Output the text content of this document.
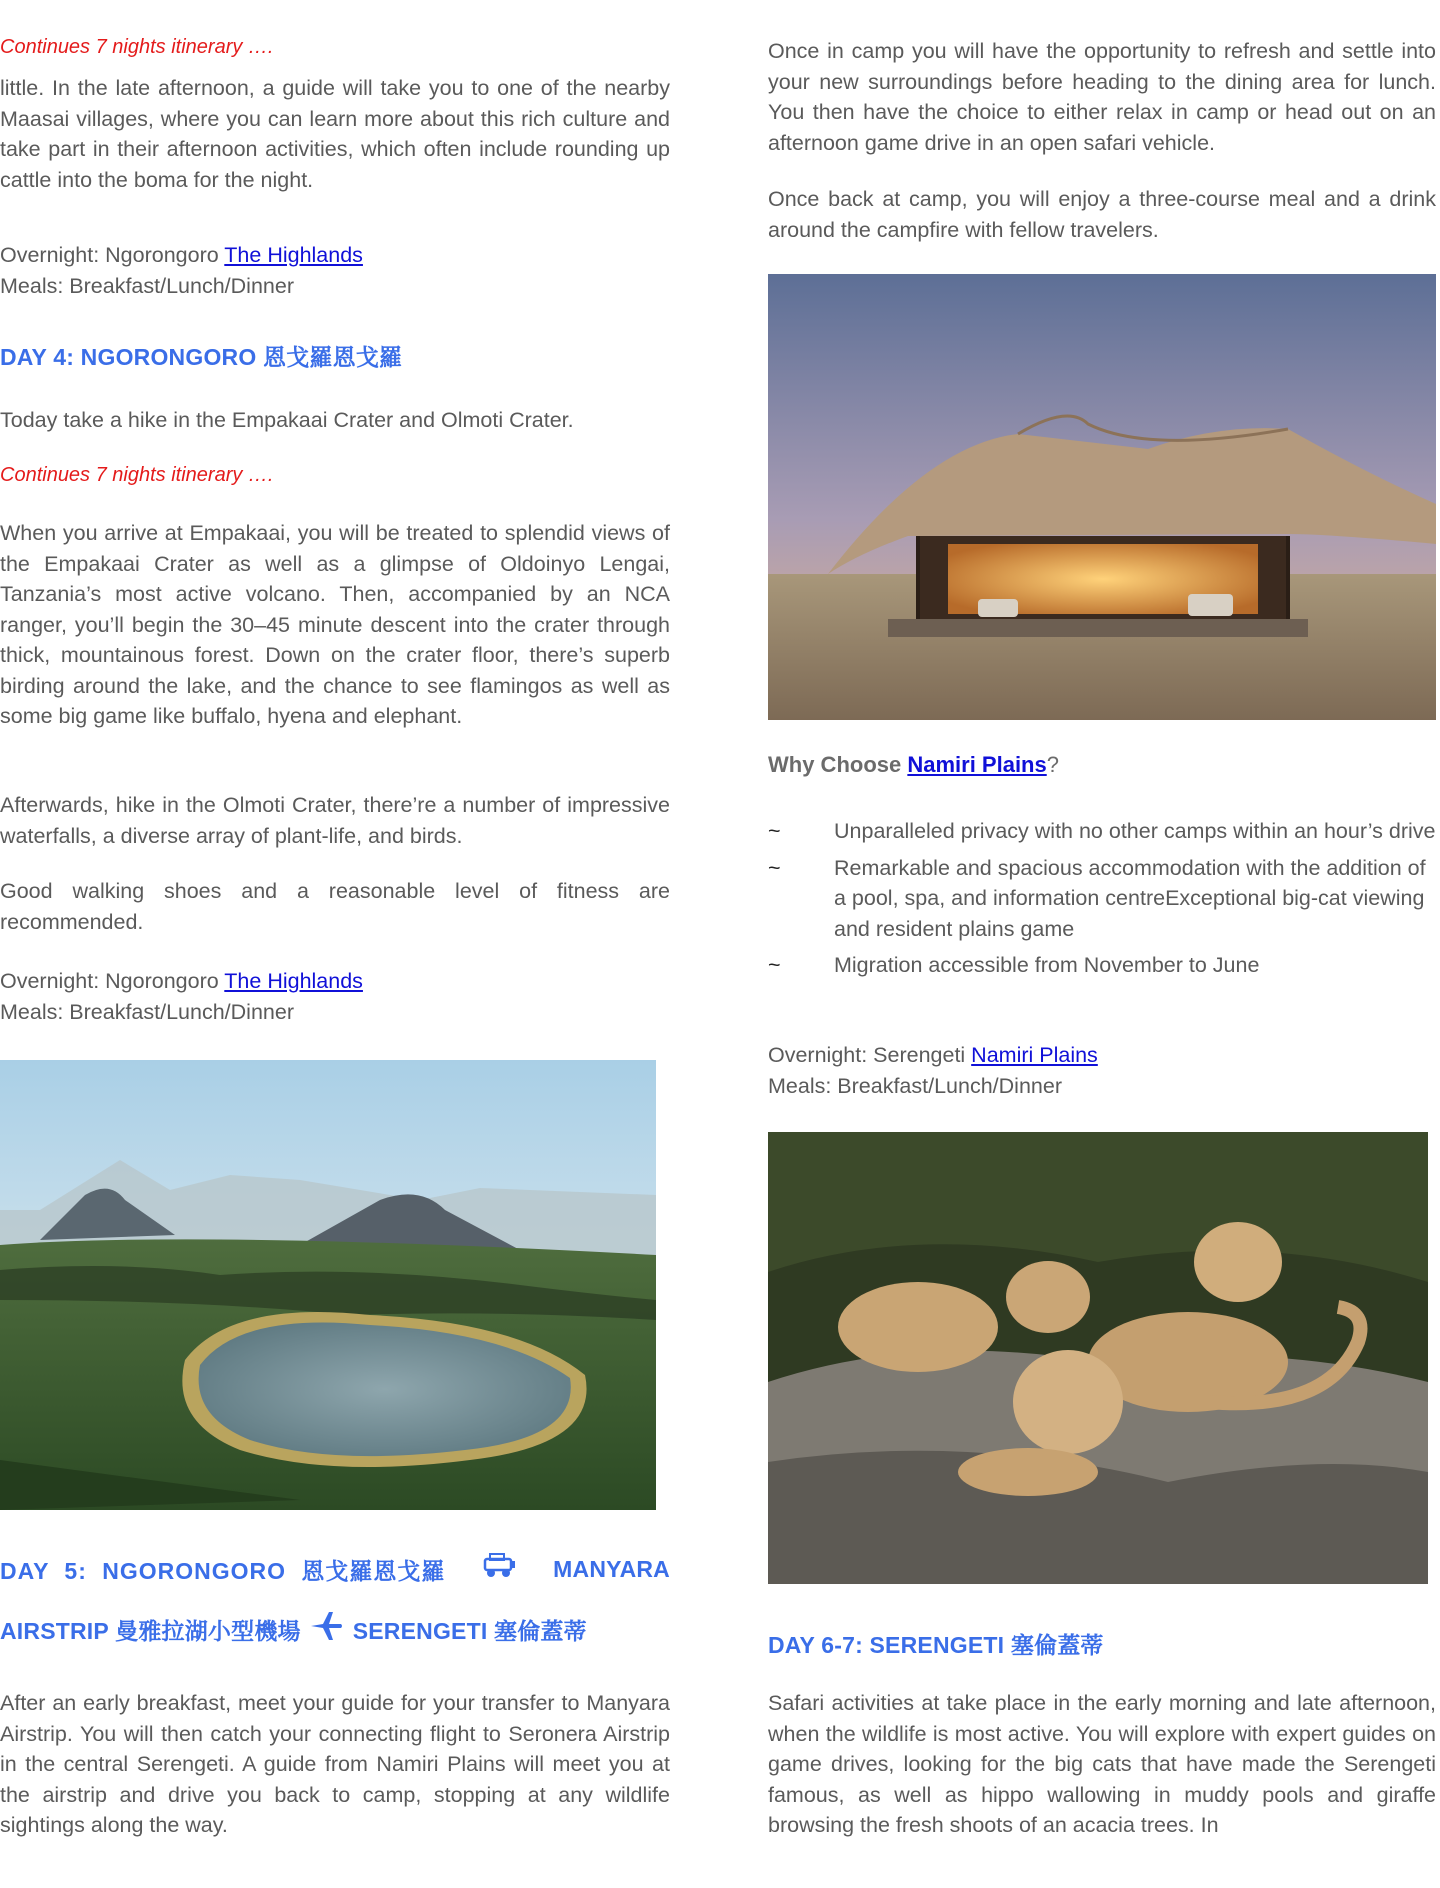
Continues 7 nights itinerary ….

little. In the late afternoon, a guide will take you to one of the nearby Maasai villages, where you can learn more about this rich culture and take part in their afternoon activities, which often include rounding up cattle into the boma for the night.

Overnight: Ngorongoro The Highlands
Meals: Breakfast/Lunch/Dinner
DAY 4: NGORONGORO 恩戈羅恩戈羅

Today take a hike in the Empakaai Crater and Olmoti Crater.

Continues 7 nights itinerary ….

When you arrive at Empakaai, you will be treated to splendid views of the Empakaai Crater as well as a glimpse of Oldoinyo Lengai, Tanzania’s most active volcano. Then, accompanied by an NCA ranger, you’ll begin the 30–45 minute descent into the crater through thick, mountainous forest. Down on the crater floor, there’s superb birding around the lake, and the chance to see flamingos as well as some big game like buffalo, hyena and elephant.

Afterwards, hike in the Olmoti Crater, there’re a number of impressive waterfalls, a diverse array of plant-life, and birds.

Good walking shoes and a reasonable level of fitness are recommended.

Overnight: Ngorongoro The Highlands
Meals: Breakfast/Lunch/Dinner
DAY 5: NGORONGORO 恩戈羅恩戈羅	MANYARA
AIRSTRIP 曼雅拉湖小型機場 SERENGETI 塞倫蓋蒂

After an early breakfast, meet your guide for your transfer to Manyara Airstrip. You will then catch your connecting flight to Seronera Airstrip in the central Serengeti. A guide from Namiri Plains will meet you at the airstrip and drive you back to camp, stopping at any wildlife sightings along the way.

Once in camp you will have the opportunity to refresh and settle into your new surroundings before heading to the dining area for lunch. You then have the choice to either relax in camp or head out on an afternoon game drive in an open safari vehicle.

Once back at camp, you will enjoy a three-course meal and a drink around the campfire with fellow travelers.

Why Choose Namiri Plains?
~ Unparalleled privacy with no other camps within an hour’s drive
~ Remarkable and spacious accommodation with the addition of a pool, spa, and information centreExceptional big-cat viewing and resident plains game
~ Migration accessible from November to June
Overnight: Serengeti Namiri Plains
Meals: Breakfast/Lunch/Dinner
DAY 6-7: SERENGETI 塞倫蓋蒂

Safari activities at take place in the early morning and late afternoon, when the wildlife is most active. You will explore with expert guides on game drives, looking for the big cats that have made the Serengeti famous, as well as hippo wallowing in muddy pools and giraffe browsing the fresh shoots of an acacia trees. In
